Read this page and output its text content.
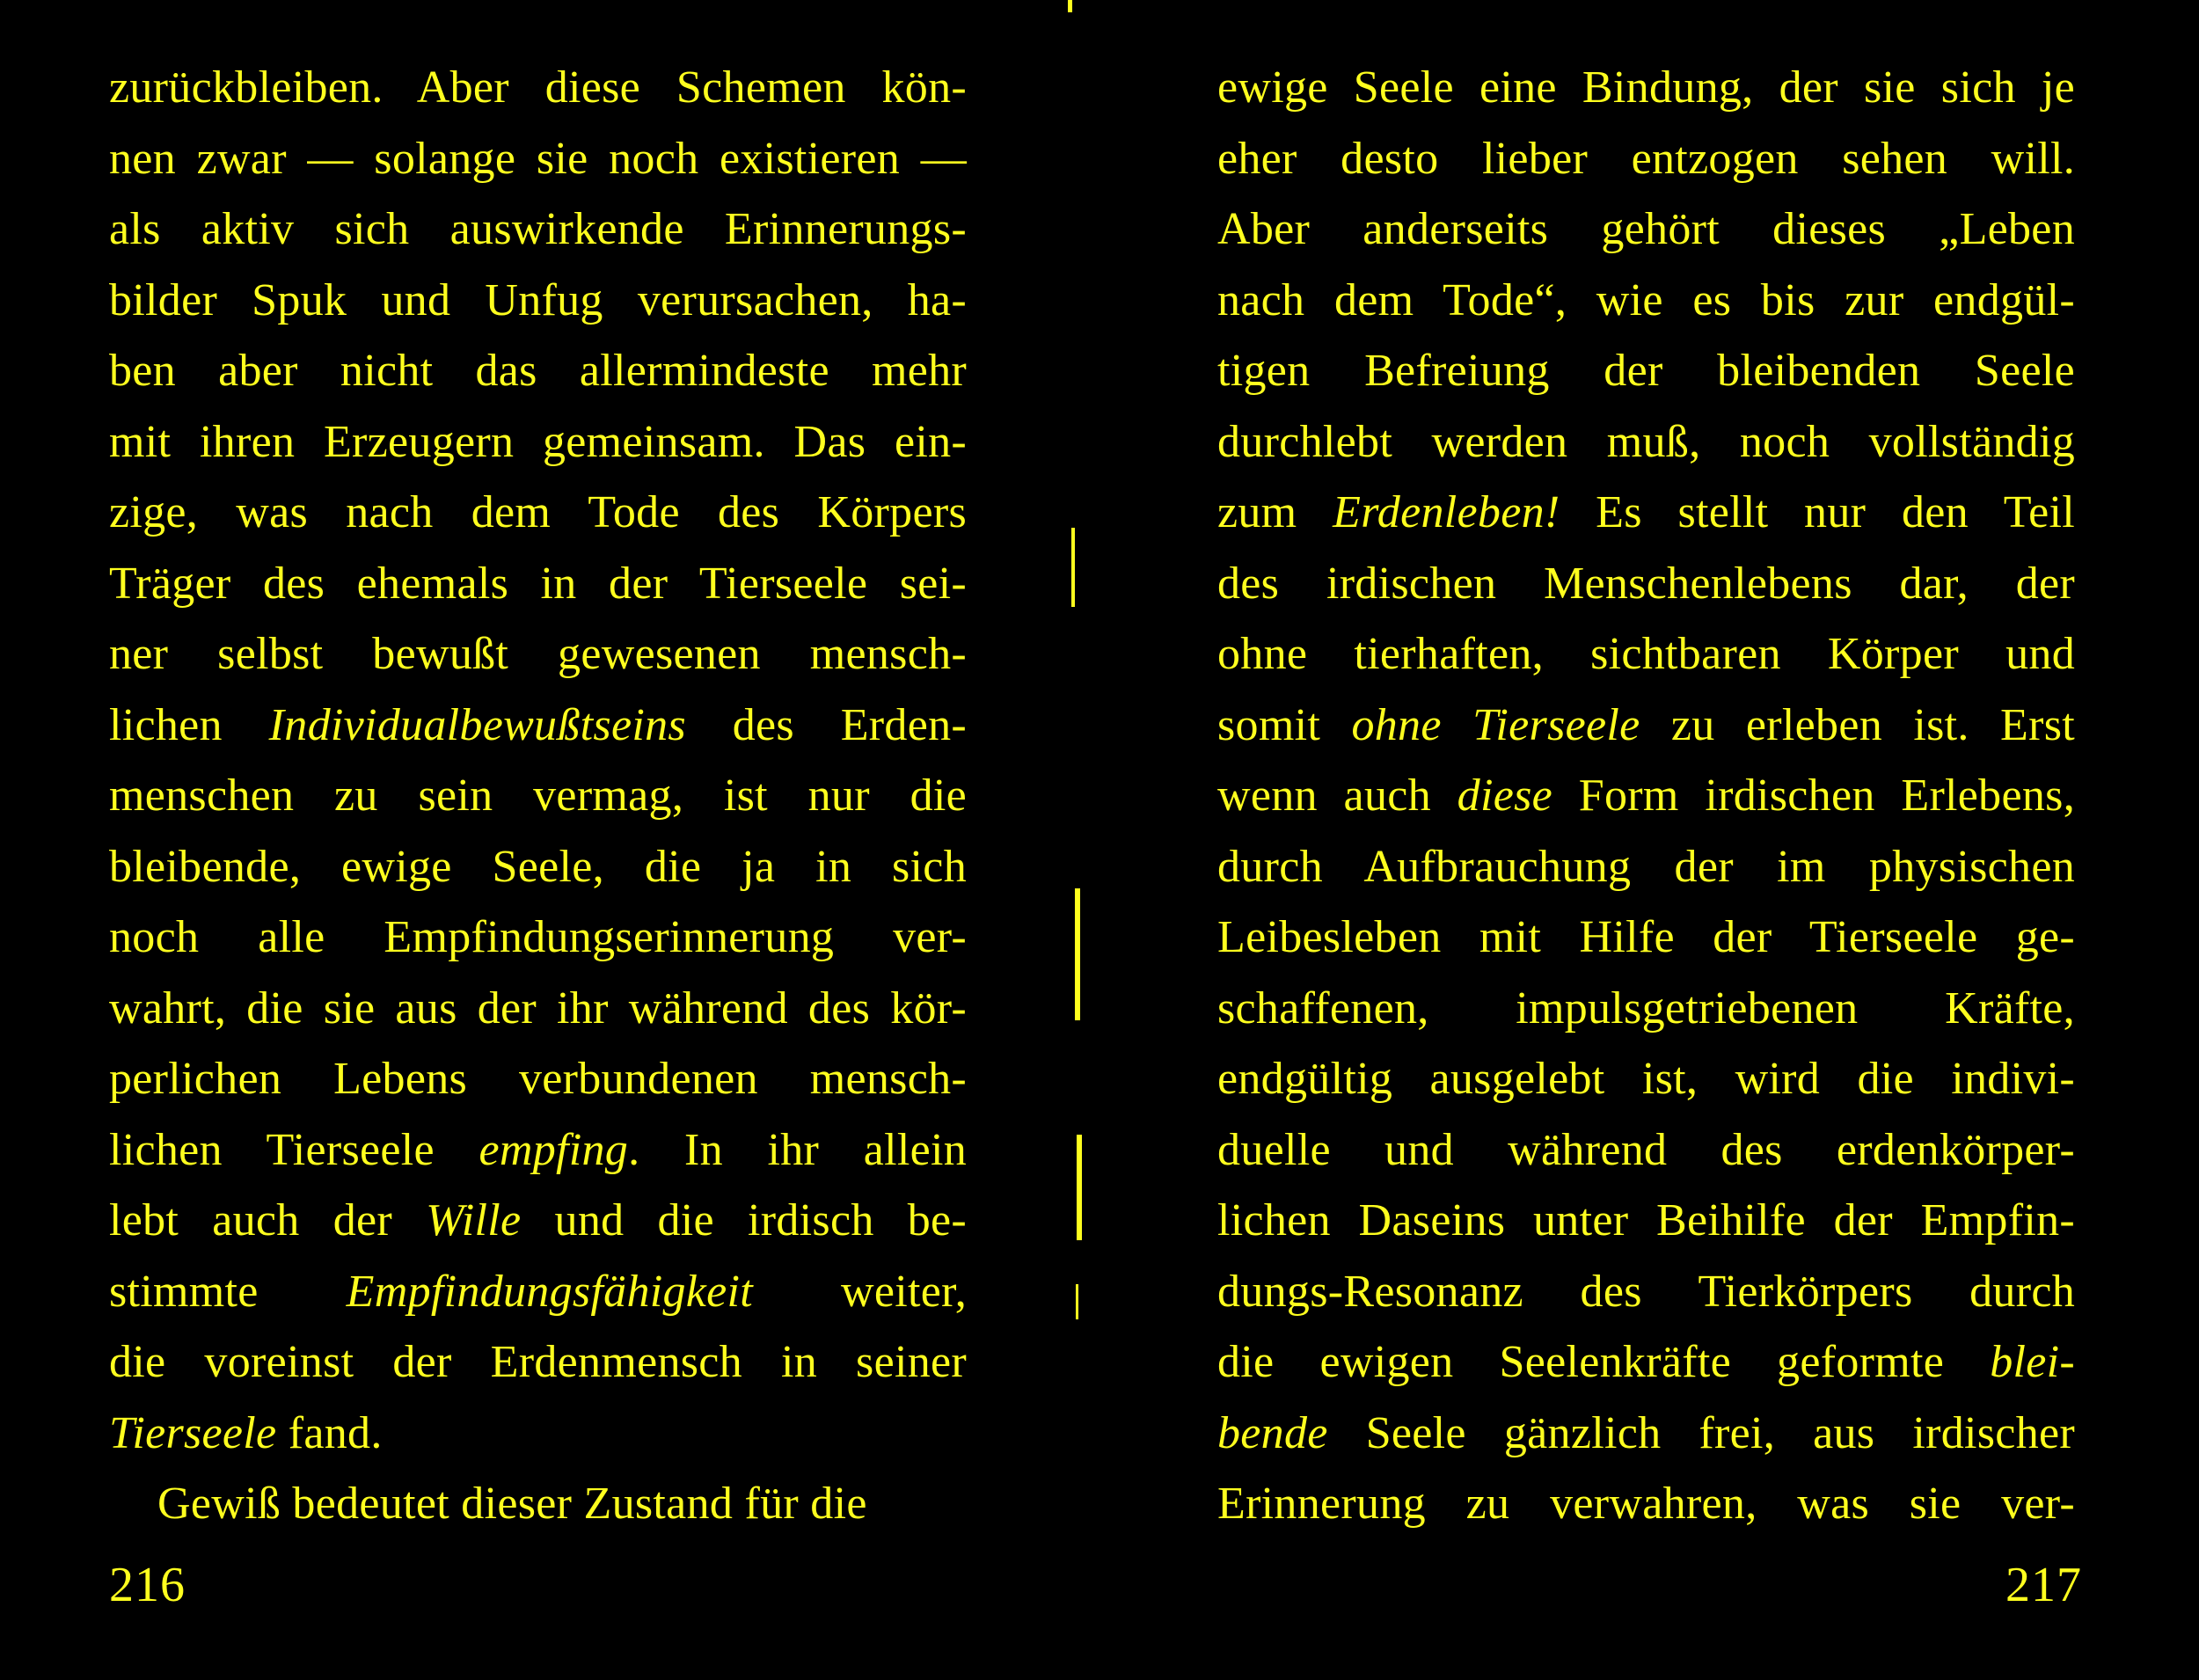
zurückbleiben. Aber diese Schemen kön-
nen zwar — solange sie noch existieren —
als aktiv sich auswirkende Erinnerungs-
bilder Spuk und Unfug verursachen, ha-
ben aber nicht das allermindeste mehr
mit ihren Erzeugern gemeinsam. Das ein-
zige, was nach dem Tode des Körpers
Träger des ehemals in der Tierseele sei-
ner selbst bewußt gewesenen mensch-
lichen Individualbewußtseins des Erden-
menschen zu sein vermag, ist nur die
bleibende, ewige Seele, die ja in sich
noch alle Empfindungserinnerung ver-
wahrt, die sie aus der ihr während des kör-
perlichen Lebens verbundenen mensch-
lichen Tierseele empfing. In ihr allein
lebt auch der Wille und die irdisch be-
stimmte Empfindungsfähigkeit weiter,
die voreinst der Erdenmensch in seiner
Tierseele fand.
Gewiß bedeutet dieser Zustand für die
ewige Seele eine Bindung, der sie sich je
eher desto lieber entzogen sehen will.
Aber anderseits gehört dieses „Leben
nach dem Tode“, wie es bis zur endgül-
tigen Befreiung der bleibenden Seele
durchlebt werden muß, noch vollständig
zum Erdenleben! Es stellt nur den Teil
des irdischen Menschenlebens dar, der
ohne tierhaften, sichtbaren Körper und
somit ohne Tierseele zu erleben ist. Erst
wenn auch diese Form irdischen Erlebens,
durch Aufbrauchung der im physischen
Leibesleben mit Hilfe der Tierseele ge-
schaffenen, impulsgetriebenen Kräfte,
endgültig ausgelebt ist, wird die indivi-
duelle und während des erdenkörper-
lichen Daseins unter Beihilfe der Empfin-
dungs-Resonanz des Tierkörpers durch
die ewigen Seelenkräfte geformte blei-
bende Seele gänzlich frei, aus irdischer
Erinnerung zu verwahren, was sie ver-
216	217
